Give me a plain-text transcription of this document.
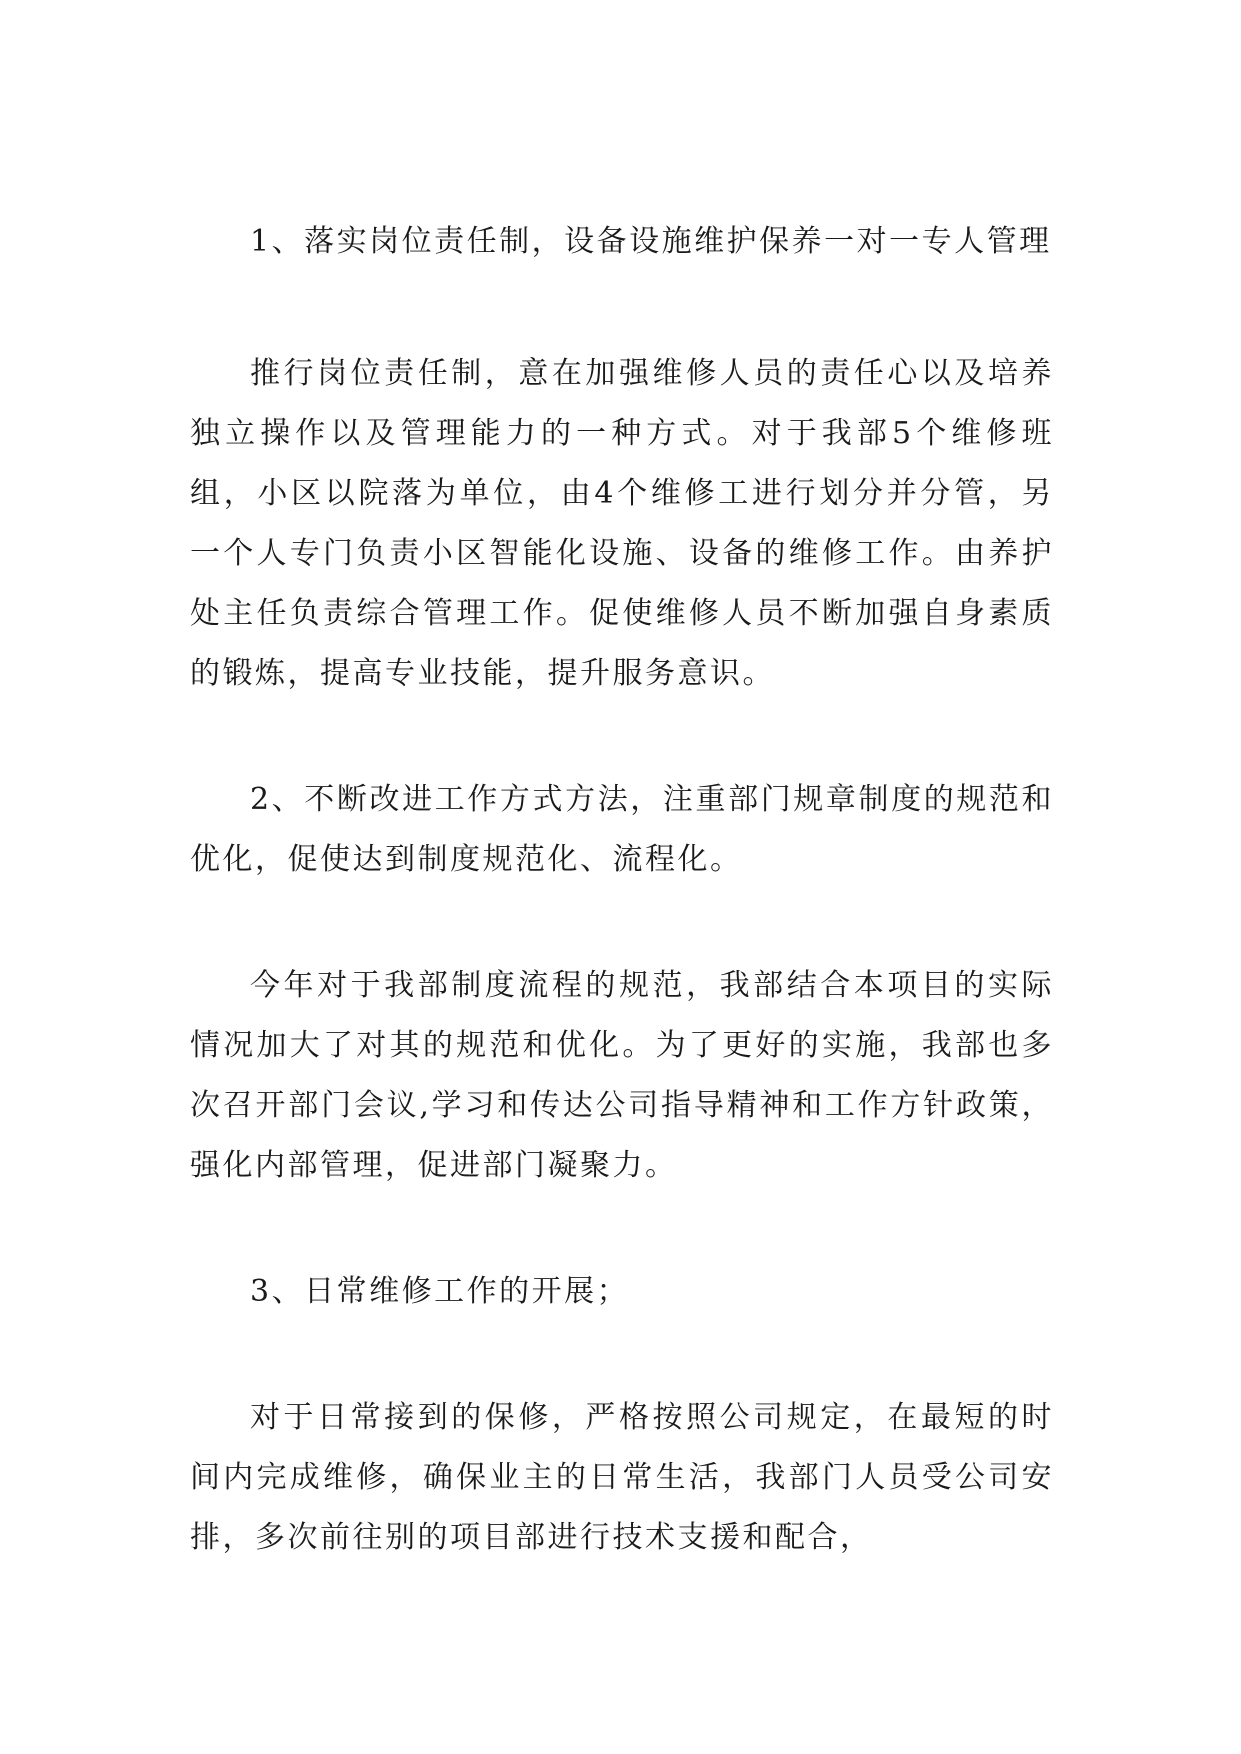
1、落实岗位责任制，设备设施维护保养一对一专人管理

推行岗位责任制，意在加强维修人员的责任心以及培养独立操作以及管理能力的一种方式。对于我部5个维修班组，小区以院落为单位，由4个维修工进行划分并分管，另一个人专门负责小区智能化设施、设备的维修工作。由养护处主任负责综合管理工作。促使维修人员不断加强自身素质的锻炼，提高专业技能，提升服务意识。

2、不断改进工作方式方法，注重部门规章制度的规范和优化，促使达到制度规范化、流程化。

今年对于我部制度流程的规范，我部结合本项目的实际情况加大了对其的规范和优化。为了更好的实施，我部也多次召开部门会议,学习和传达公司指导精神和工作方针政策，强化内部管理，促进部门凝聚力。

3、日常维修工作的开展；

对于日常接到的保修，严格按照公司规定，在最短的时间内完成维修，确保业主的日常生活，我部门人员受公司安排，多次前往别的项目部进行技术支援和配合，
